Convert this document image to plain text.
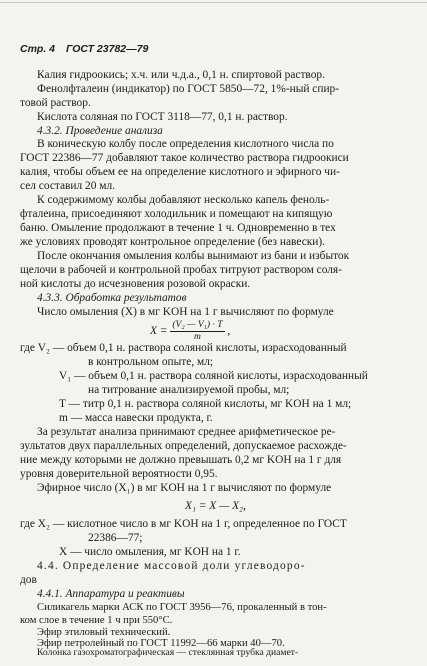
Стр. 4 ГОСТ 23782—79
Калия гидроокись; х.ч. или ч.д.а., 0,1 н. спиртовой раствор.
Фенолфталеин (индикатор) по ГОСТ 5850—72, 1%-ный спир-
товой раствор.
Кислота соляная по ГОСТ 3118—77, 0,1 н. раствор.
4.3.2. Проведение анализа
В коническую колбу после определения кислотного числа по
ГОСТ 22386—77 добавляют такое количество раствора гидроокиси
калия, чтобы объем ее на определение кислотного и эфирного чи-
сел составил 20 мл.
К содержимому колбы добавляют несколько капель феноль-
фталеина, присоединяют холодильник и помещают на кипящую
баню. Омыление продолжают в течение 1 ч. Одновременно в тех
же условиях проводят контрольное определение (без навески).
После окончания омыления колбы вынимают из бани и избыток
щелочи в рабочей и контрольной пробах титруют раствором соля-
ной кислоты до исчезновения розовой окраски.
4.3.3. Обработка результатов
Число омыления (X) в мг KOH на 1 г вычисляют по формуле
$X = \frac{\text{(V₂ — V₁) · T}}{m}$ ,
где V₂ — объем 0,1 н. раствора соляной кислоты, израсходованный
в контрольном опыте, мл;
V₁ — объем 0,1 н. раствора соляной кислоты, израсходованный
на титрование анализируемой пробы, мл;
T — титр 0,1 н. раствора соляной кислоты, мг KOH на 1 мл;
m — масса навески продукта, г.
За результат анализа принимают среднее арифметическое ре-
зультатов двух параллельных определений, допускаемое расхожде-
ние между которыми не должно превышать 0,2 мг KOH на 1 г для
уровня доверительной вероятности 0,95.
Эфирное число (X₁) в мг KOH на 1 г вычисляют по формуле
X₁ = X — X₂,
где X₂ — кислотное число в мг KOH на 1 г, определенное по ГОСТ
22386—77;
X — число омыления, мг KOH на 1 г.
4.4. Определение массовой доли углеводоро-
дов
4.4.1. Аппаратура и реактивы
Силикагель марки АСК по ГОСТ 3956—76, прокаленный в тон-
ком слое в течение 1 ч при 550°С.
Эфир этиловый технический.
Эфир петролейный по ГОСТ 11992—66 марки 40—70.
Колонка газохроматографическая — стеклянная трубка диамет-
